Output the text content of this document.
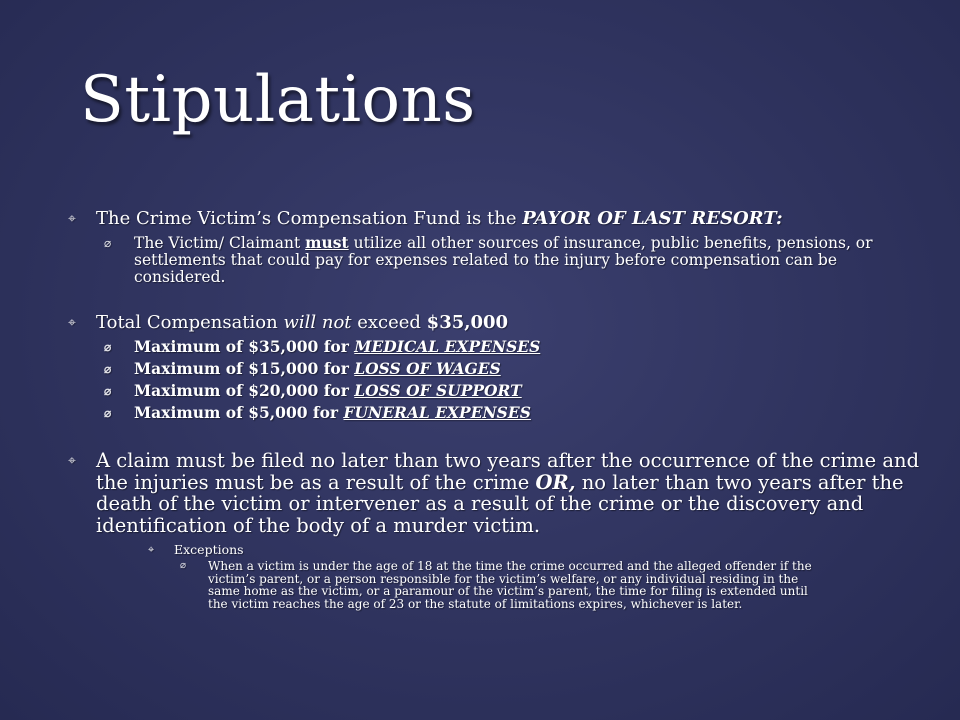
Stipulations
⌖	The Crime Victim’s Compensation Fund is the PAYOR OF LAST RESORT:
⌀	The Victim/ Claimant must utilize all other sources of insurance, public benefits, pensions, or settlements that could pay for expenses related to the injury before compensation can be considered.
⌖	Total Compensation will not exceed $35,000
⌀	Maximum of $35,000 for MEDICAL EXPENSES
⌀	Maximum of $15,000 for LOSS OF WAGES
⌀	Maximum of $20,000 for LOSS OF SUPPORT
⌀	Maximum of $5,000 for FUNERAL EXPENSES
⌖	A claim must be filed no later than two years after the occurrence of the crime and the injuries must be as a result of the crime OR, no later than two years after the death of the victim or intervener as a result of the crime or the discovery and identification of the body of a murder victim.
⌖	Exceptions
⌀	When a victim is under the age of 18 at the time the crime occurred and the alleged offender if the victim’s parent, or a person responsible for the victim’s welfare, or any individual residing in the same home as the victim, or a paramour of the victim’s parent, the time for filing is extended until the victim reaches the age of 23 or the statute of limitations expires, whichever is later.
